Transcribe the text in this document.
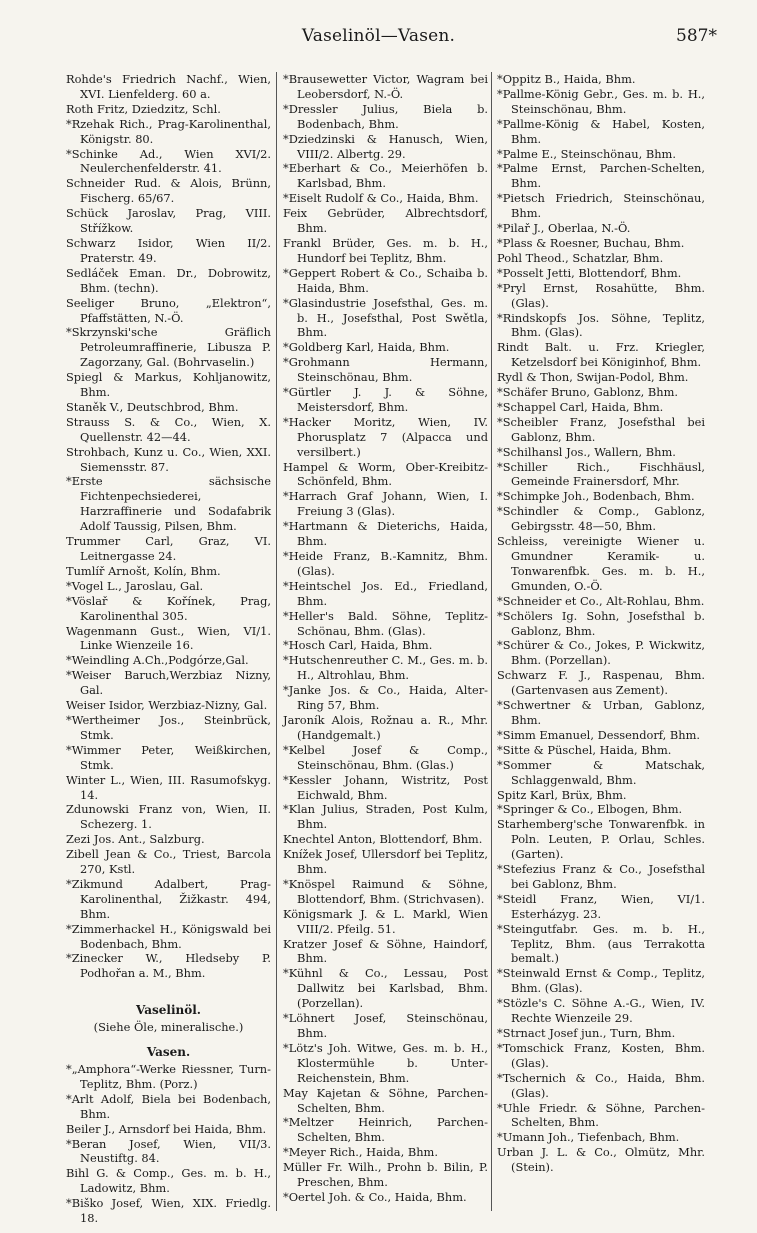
Vaselinöl—Vasen.	587*

Rohde's Friedrich Nachf., Wien, XVI. Lienfelderg. 60 a.

Roth Fritz, Dziedzitz, Schl.

*Rzehak Rich., Prag-Karolinenthal, Königstr. 80.

*Schinke Ad., Wien XVI/2. Neulerchenfelderstr. 41.

Schneider Rud. & Alois, Brünn, Fischerg. 65/67.

Schück Jaroslav, Prag, VIII. Střížkow.

Schwarz Isidor, Wien II/2. Praterstr. 49.

Sedláček Eman. Dr., Dobrowitz, Bhm. (techn).

Seeliger Bruno, „Elektron“, Pfaffstätten, N.-Ö.

*Skrzynski'sche Gräflich Petroleumraffinerie, Libusza P. Zagorzany, Gal. (Bohrvaselin.)

Spiegl & Markus, Kohljanowitz, Bhm.

Staněk V., Deutschbrod, Bhm.

Strauss S. & Co., Wien, X. Quellenstr. 42—44.

Strohbach, Kunz u. Co., Wien, XXI. Siemensstr. 87.

*Erste sächsische Fichtenpechsiederei, Harzraffinerie und Sodafabrik Adolf Taussig, Pilsen, Bhm.

Trummer Carl, Graz, VI. Leitnergasse 24.

Tumlíř Arnošt, Kolín, Bhm.

*Vogel L., Jaroslau, Gal.

*Vöslař & Kořínek, Prag, Karolinenthal 305.

Wagenmann Gust., Wien, VI/1. Linke Wienzeile 16.

*Weindling A.Ch.,Podgórze,Gal.

*Weiser Baruch,Werzbiaz Nizny, Gal.

Weiser Isidor, Werzbiaz-Nizny, Gal.

*Wertheimer Jos., Steinbrück, Stmk.

*Wimmer Peter, Weißkirchen, Stmk.

Winter L., Wien, III. Rasumofskyg. 14.

Zdunowski Franz von, Wien, II. Schezerg. 1.

Zezi Jos. Ant., Salzburg.

Zibell Jean & Co., Triest, Barcola 270, Kstl.

*Zikmund Adalbert, Prag-Karolinenthal, Žižkastr. 494, Bhm.

*Zimmerhackel H., Königswald bei Bodenbach, Bhm.

*Zinecker W., Hledseby P. Podhořan a. M., Bhm.

Vaselinöl.
(Siehe Öle, mineralische.)
Vasen.

*„Amphora“-Werke Riessner, Turn-Teplitz, Bhm. (Porz.)

*Arlt Adolf, Biela bei Bodenbach, Bhm.

Beiler J., Arnsdorf bei Haida, Bhm.

*Beran Josef, Wien, VII/3. Neustiftg. 84.

Bihl G. & Comp., Ges. m. b. H., Ladowitz, Bhm.

*Biško Josef, Wien, XIX. Friedlg. 18.

*Brausewetter Victor, Wagram bei Leobersdorf, N.-Ö.

*Dressler Julius, Biela b. Bodenbach, Bhm.

*Dziedzinski & Hanusch, Wien, VIII/2. Albertg. 29.

*Eberhart & Co., Meierhöfen b. Karlsbad, Bhm.

*Eiselt Rudolf & Co., Haida, Bhm.

Feix Gebrüder, Albrechtsdorf, Bhm.

Frankl Brüder, Ges. m. b. H., Hundorf bei Teplitz, Bhm.

*Geppert Robert & Co., Schaiba b. Haida, Bhm.

*Glasindustrie Josefsthal, Ges. m. b. H., Josefsthal, Post Swětla, Bhm.

*Goldberg Karl, Haida, Bhm.

*Grohmann Hermann, Steinschönau, Bhm.

*Gürtler J. J. & Söhne, Meistersdorf, Bhm.

*Hacker Moritz, Wien, IV. Phorusplatz 7 (Alpacca und versilbert.)

Hampel & Worm, Ober-Kreibitz-Schönfeld, Bhm.

*Harrach Graf Johann, Wien, I. Freiung 3 (Glas).

*Hartmann & Dieterichs, Haida, Bhm.

*Heide Franz, B.-Kamnitz, Bhm. (Glas).

*Heintschel Jos. Ed., Friedland, Bhm.

*Heller's Bald. Söhne, Teplitz-Schönau, Bhm. (Glas).

*Hosch Carl, Haida, Bhm.

*Hutschenreuther C. M., Ges. m. b. H., Altrohlau, Bhm.

*Janke Jos. & Co., Haida, Alter-Ring 57, Bhm.

Jaroník Alois, Rožnau a. R., Mhr. (Handgemalt.)

*Kelbel Josef & Comp., Steinschönau, Bhm. (Glas.)

*Kessler Johann, Wistritz, Post Eichwald, Bhm.

*Klan Julius, Straden, Post Kulm, Bhm.

Knechtel Anton, Blottendorf, Bhm.

Knížek Josef, Ullersdorf bei Teplitz, Bhm.

*Knöspel Raimund & Söhne, Blottendorf, Bhm. (Strichvasen).

Königsmark J. & L. Markl, Wien VIII/2. Pfeilg. 51.

Kratzer Josef & Söhne, Haindorf, Bhm.

*Kühnl & Co., Lessau, Post Dallwitz bei Karlsbad, Bhm. (Porzellan).

*Löhnert Josef, Steinschönau, Bhm.

*Lötz's Joh. Witwe, Ges. m. b. H., Klostermühle b. Unter-Reichenstein, Bhm.

May Kajetan & Söhne, Parchen-Schelten, Bhm.

*Meltzer Heinrich, Parchen-Schelten, Bhm.

*Meyer Rich., Haida, Bhm.

Müller Fr. Wilh., Prohn b. Bilin, P. Preschen, Bhm.

*Oertel Joh. & Co., Haida, Bhm.

*Oppitz B., Haida, Bhm.

*Pallme-König Gebr., Ges. m. b. H., Steinschönau, Bhm.

*Pallme-König & Habel, Kosten, Bhm.

*Palme E., Steinschönau, Bhm.

*Palme Ernst, Parchen-Schelten, Bhm.

*Pietsch Friedrich, Steinschönau, Bhm.

*Pilař J., Oberlaa, N.-Ö.

*Plass & Roesner, Buchau, Bhm.

Pohl Theod., Schatzlar, Bhm.

*Posselt Jetti, Blottendorf, Bhm.

*Pryl Ernst, Rosahütte, Bhm. (Glas).

*Rindskopfs Jos. Söhne, Teplitz, Bhm. (Glas).

Rindt Balt. u. Frz. Kriegler, Ketzelsdorf bei Königinhof, Bhm.

Rydl & Thon, Swijan-Podol, Bhm.

*Schäfer Bruno, Gablonz, Bhm.

*Schappel Carl, Haida, Bhm.

*Scheibler Franz, Josefsthal bei Gablonz, Bhm.

*Schilhansl Jos., Wallern, Bhm.

*Schiller Rich., Fischhäusl, Gemeinde Frainersdorf, Mhr.

*Schimpke Joh., Bodenbach, Bhm.

*Schindler & Comp., Gablonz, Gebirgsstr. 48—50, Bhm.

Schleiss, vereinigte Wiener u. Gmundner Keramik- u. Tonwarenfbk. Ges. m. b. H., Gmunden, O.-Ö.

*Schneider et Co., Alt-Rohlau, Bhm.

*Schölers Ig. Sohn, Josefsthal b. Gablonz, Bhm.

*Schürer & Co., Jokes, P. Wickwitz, Bhm. (Porzellan).

Schwarz F. J., Raspenau, Bhm. (Gartenvasen aus Zement).

*Schwertner & Urban, Gablonz, Bhm.

*Simm Emanuel, Dessendorf, Bhm.

*Sitte & Püschel, Haida, Bhm.

*Sommer & Matschak, Schlaggenwald, Bhm.

Spitz Karl, Brüx, Bhm.

*Springer & Co., Elbogen, Bhm.

Starhemberg'sche Tonwarenfbk. in Poln. Leuten, P. Orlau, Schles. (Garten).

*Stefezius Franz & Co., Josefsthal bei Gablonz, Bhm.

*Steidl Franz, Wien, VI/1. Esterházyg. 23.

*Steingutfabr. Ges. m. b. H., Teplitz, Bhm. (aus Terrakotta bemalt.)

*Steinwald Ernst & Comp., Teplitz, Bhm. (Glas).

*Stözle's C. Söhne A.-G., Wien, IV. Rechte Wienzeile 29.

*Strnact Josef jun., Turn, Bhm.

*Tomschick Franz, Kosten, Bhm. (Glas).

*Tschernich & Co., Haida, Bhm. (Glas).

*Uhle Friedr. & Söhne, Parchen-Schelten, Bhm.

*Umann Joh., Tiefenbach, Bhm.

Urban J. L. & Co., Olmütz, Mhr. (Stein).
